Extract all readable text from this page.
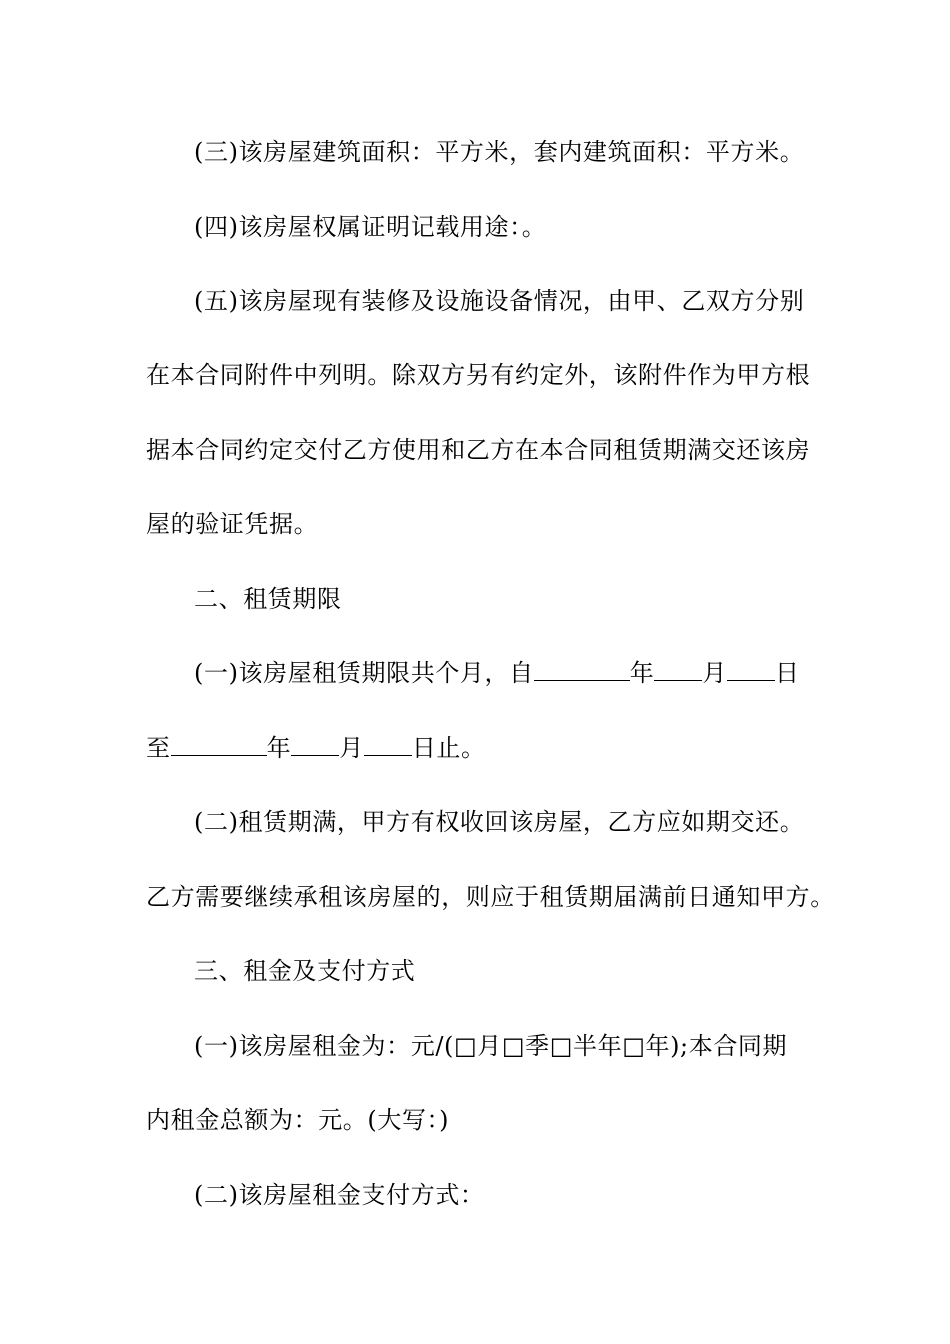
(三)该房屋建筑面积：平方米，套内建筑面积：平方米。
(四)该房屋权属证明记载用途：。
(五)该房屋现有装修及设施设备情况，由甲、乙双方分别
在本合同附件中列明。除双方另有约定外，该附件作为甲方根
据本合同约定交付乙方使用和乙方在本合同租赁期满交还该房
屋的验证凭据。
二、租赁期限
(一)该房屋租赁期限共个月，自	年 月 日
至	年 月 日止。
(二)租赁期满，甲方有权收回该房屋，乙方应如期交还。
乙方需要继续承租该房屋的，则应于租赁期届满前日通知甲方。
三、租金及支付方式
(一)该房屋租金为：元/(□月□季□半年□年);本合同期
内租金总额为：元。(大写：)
(二)该房屋租金支付方式：
